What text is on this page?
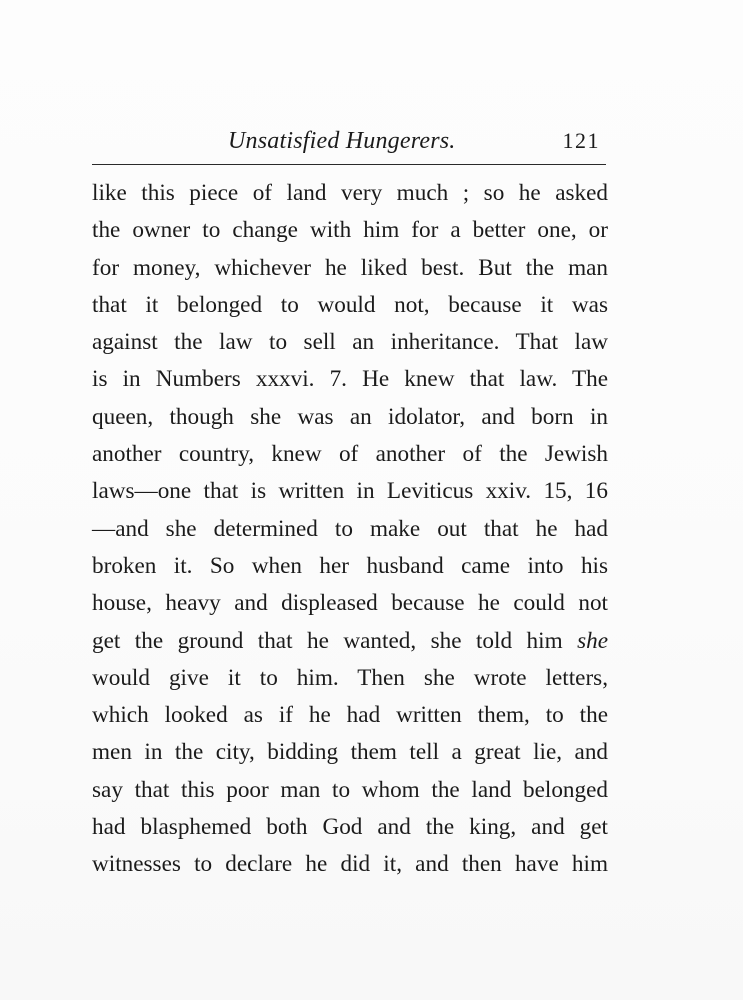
Unsatisfied Hungerers.	121
like this piece of land very much ; so he asked
the owner to change with him for a better one, or
for money, whichever he liked best. But the man
that it belonged to would not, because it was
against the law to sell an inheritance. That law
is in Numbers xxxvi. 7. He knew that law. The
queen, though she was an idolator, and born in
another country, knew of another of the Jewish
laws—one that is written in Leviticus xxiv. 15, 16
—and she determined to make out that he had
broken it. So when her husband came into his
house, heavy and displeased because he could not
get the ground that he wanted, she told him she
would give it to him. Then she wrote letters,
which looked as if he had written them, to the
men in the city, bidding them tell a great lie, and
say that this poor man to whom the land belonged
had blasphemed both God and the king, and get
witnesses to declare he did it, and then have him
